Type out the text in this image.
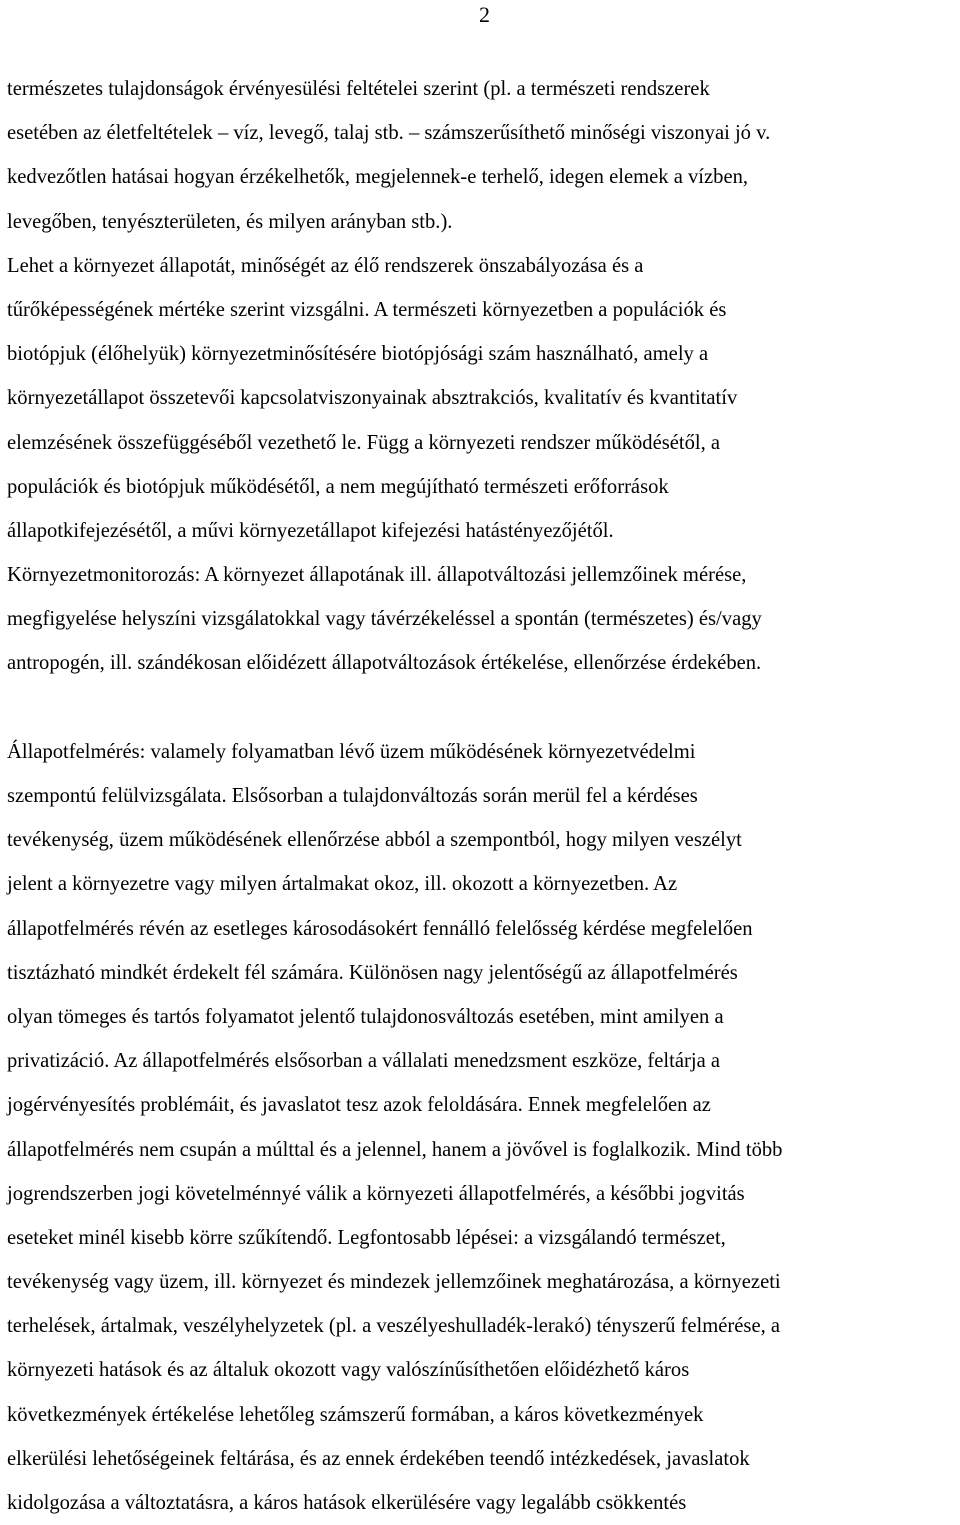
2
természetes tulajdonságok érvényesülési feltételei szerint (pl. a természeti rendszerek
esetében az életfeltételek – víz, levegő, talaj stb. – számszerűsíthető minőségi viszonyai jó v.
kedvezőtlen hatásai hogyan érzékelhetők, megjelennek-e terhelő, idegen elemek a vízben,
levegőben, tenyészterületen, és milyen arányban stb.).
Lehet a környezet állapotát, minőségét az élő rendszerek önszabályozása és a
tűrőképességének mértéke szerint vizsgálni. A természeti környezetben a populációk és
biotópjuk (élőhelyük) környezetminősítésére biotópjósági szám használható, amely a
környezetállapot összetevői kapcsolatviszonyainak absztrakciós, kvalitatív és kvantitatív
elemzésének összefüggéséből vezethető le. Függ a környezeti rendszer működésétől, a
populációk és biotópjuk működésétől, a nem megújítható természeti erőforrások
állapotkifejezésétől, a művi környezetállapot kifejezési hatástényezőjétől.
Környezetmonitorozás: A környezet állapotának ill. állapotváltozási jellemzőinek mérése,
megfigyelése helyszíni vizsgálatokkal vagy távérzékeléssel a spontán (természetes) és/vagy
antropogén, ill. szándékosan előidézett állapotváltozások értékelése, ellenőrzése érdekében.
Állapotfelmérés: valamely folyamatban lévő üzem működésének környezetvédelmi
szempontú felülvizsgálata. Elsősorban a tulajdonváltozás során merül fel a kérdéses
tevékenység, üzem működésének ellenőrzése abból a szempontból, hogy milyen veszélyt
jelent a környezetre vagy milyen ártalmakat okoz, ill. okozott a környezetben. Az
állapotfelmérés révén az esetleges károsodásokért fennálló felelősség kérdése megfelelően
tisztázható mindkét érdekelt fél számára. Különösen nagy jelentőségű az állapotfelmérés
olyan tömeges és tartós folyamatot jelentő tulajdonosváltozás esetében, mint amilyen a
privatizáció. Az állapotfelmérés elsősorban a vállalati menedzsment eszköze, feltárja a
jogérvényesítés problémáit, és javaslatot tesz azok feloldására. Ennek megfelelően az
állapotfelmérés nem csupán a múlttal és a jelennel, hanem a jövővel is foglalkozik. Mind több
jogrendszerben jogi követelménnyé válik a környezeti állapotfelmérés, a későbbi jogvitás
eseteket minél kisebb körre szűkítendő. Legfontosabb lépései: a vizsgálandó természet,
tevékenység vagy üzem, ill. környezet és mindezek jellemzőinek meghatározása, a környezeti
terhelések, ártalmak, veszélyhelyzetek (pl. a veszélyeshulladék-lerakó) tényszerű felmérése, a
környezeti hatások és az általuk okozott vagy valószínűsíthetően előidézhető káros
következmények értékelése lehetőleg számszerű formában, a káros következmények
elkerülési lehetőségeinek feltárása, és az ennek érdekében teendő intézkedések, javaslatok
kidolgozása a változtatásra, a káros hatások elkerülésére vagy legalább csökkentés
